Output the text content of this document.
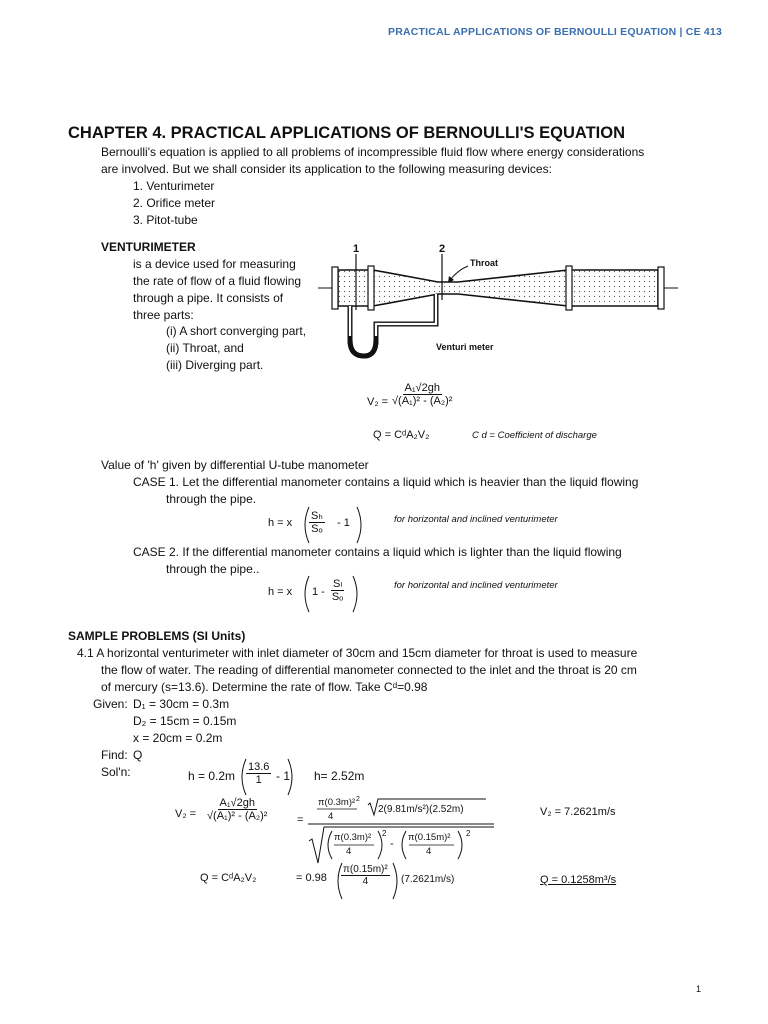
PRACTICAL APPLICATIONS OF BERNOULLI EQUATION | CE 413
CHAPTER 4. PRACTICAL APPLICATIONS OF BERNOULLI'S EQUATION
Bernoulli's equation is applied to all problems of incompressible fluid flow where energy considerations
are involved. But we shall consider its application to the following measuring devices:
1. Venturimeter
2. Orifice meter
3. Pitot-tube
VENTURIMETER
is a device used for measuring
the rate of flow of a fluid flowing
through a pipe. It consists of
three parts:
(i) A short converging part,
(ii) Throat, and
(iii) Diverging part.
1	2
Throat
Venturi meter
$V_2 = \frac{\text{A₁√2gh}}{\text{√(A₁)² - (A₂)²}}$
Q = CᵈA₂V₂	C d = Coefficient of discharge
Value of 'h' given by differential U-tube manometer
CASE 1. Let the differential manometer contains a liquid which is heavier than the liquid flowing
through the pipe.
h = x $\frac{\text{Sₕ}}{\text{Sₒ}} - 1$	for horizontal and inclined venturimeter
CASE 2. If the differential manometer contains a liquid which is lighter than the liquid flowing
through the pipe..
h = x $1 - \frac{\text{Sₗ}}{\text{Sₒ}}$	for horizontal and inclined venturimeter
SAMPLE PROBLEMS (SI Units)
4.1 A horizontal venturimeter with inlet diameter of 30cm and 15cm diameter for throat is used to measure
the flow of water. The reading of differential manometer connected to the inlet and the throat is 20 cm
of mercury (s=13.6). Determine the rate of flow. Take Cᵈ=0.98
Given: D₁ = 30cm = 0.3m
D₂ = 15cm = 0.15m
x = 20cm = 0.2m
Find: Q
Sol'n:	$h = 0.2m \frac{13.6}{1} - 1$ h= 2.52m
$V_2 = \frac{\text{A₁√2gh}}{\text{√(A₁)² - (A₂)²}}$	=
π(0.3m)² 2
4
2(9.81m/s²)(2.52m)
π(0.3m)²
4
2
-
π(0.15m)²
4
2
V₂ = 7.2621m/s
Q = CᵈA₂V₂	= $0.98 \frac{\text{π(0.15m)²}}{4} (7.2621m/s)$	Q = 0.1258m³/s
1
